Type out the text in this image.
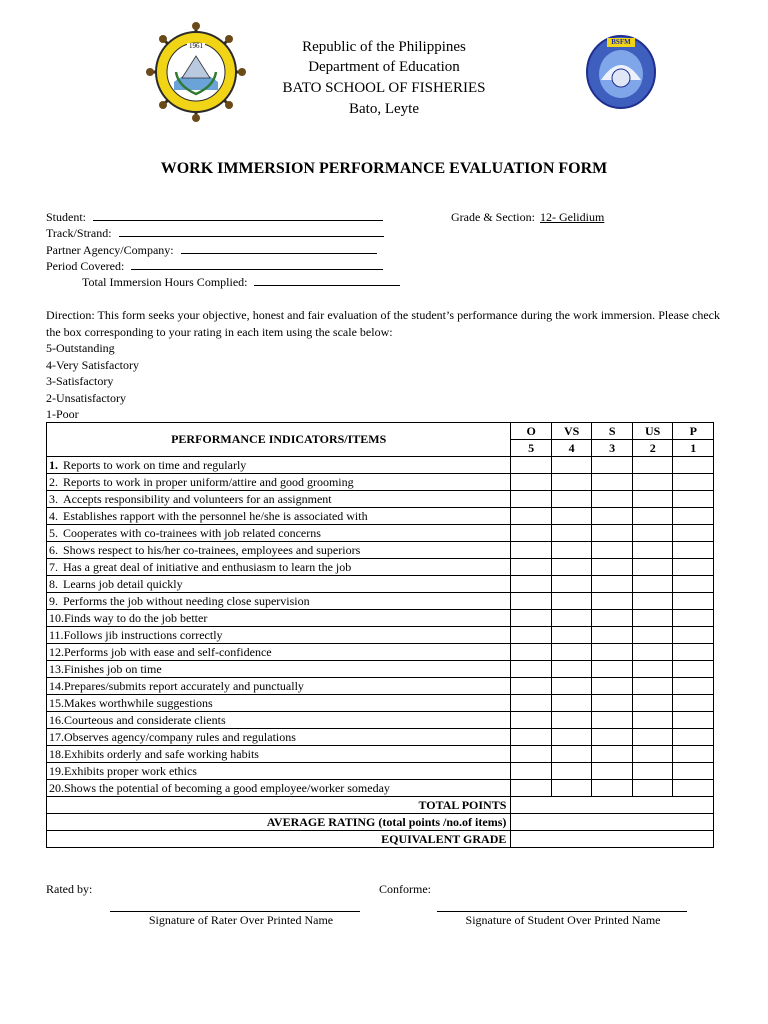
1961	BSFM
Republic of the Philippines
Department of Education
BATO SCHOOL OF FISHERIES
Bato, Leyte
WORK IMMERSION PERFORMANCE EVALUATION FORM
Student:
Track/Strand:
Partner Agency/Company:
Period Covered:
Total Immersion Hours Complied:
Grade & Section: 12- Gelidium
Direction: This form seeks your objective, honest and fair evaluation of the student’s performance during the work immersion. Please check the box corresponding to your rating in each item using the scale below:
5-Outstanding
4-Very Satisfactory
3-Satisfactory
2-Unsatisfactory
1-Poor
PERFORMANCE INDICATORS/ITEMS	O	VS	S	US	P
	5	4	3	2	1
1. Reports to work on time and regularly					
2. Reports to work in proper uniform/attire and good grooming					
3. Accepts responsibility and volunteers for an assignment					
4. Establishes rapport with the personnel he/she is associated with					
5. Cooperates with co-trainees with job related concerns					
6. Shows respect to his/her co-trainees, employees and superiors					
7. Has a great deal of initiative and enthusiasm to learn the job					
8. Learns job detail quickly					
9. Performs the job without needing close supervision					
10.Finds way to do the job better					
11.Follows jib instructions correctly					
12.Performs job with ease and self-confidence					
13.Finishes job on time					
14.Prepares/submits report accurately and punctually					
15.Makes worthwhile suggestions					
16.Courteous and considerate clients					
17.Observes agency/company rules and regulations					
18.Exhibits orderly and safe working habits					
19.Exhibits proper work ethics					
20.Shows the potential of becoming a good employee/worker someday					
TOTAL POINTS					
AVERAGE RATING (total points /no.of items)					
EQUIVALENT GRADE					
Rated by:	Conforme:
Signature of Rater Over Printed Name	Signature of Student Over Printed Name
